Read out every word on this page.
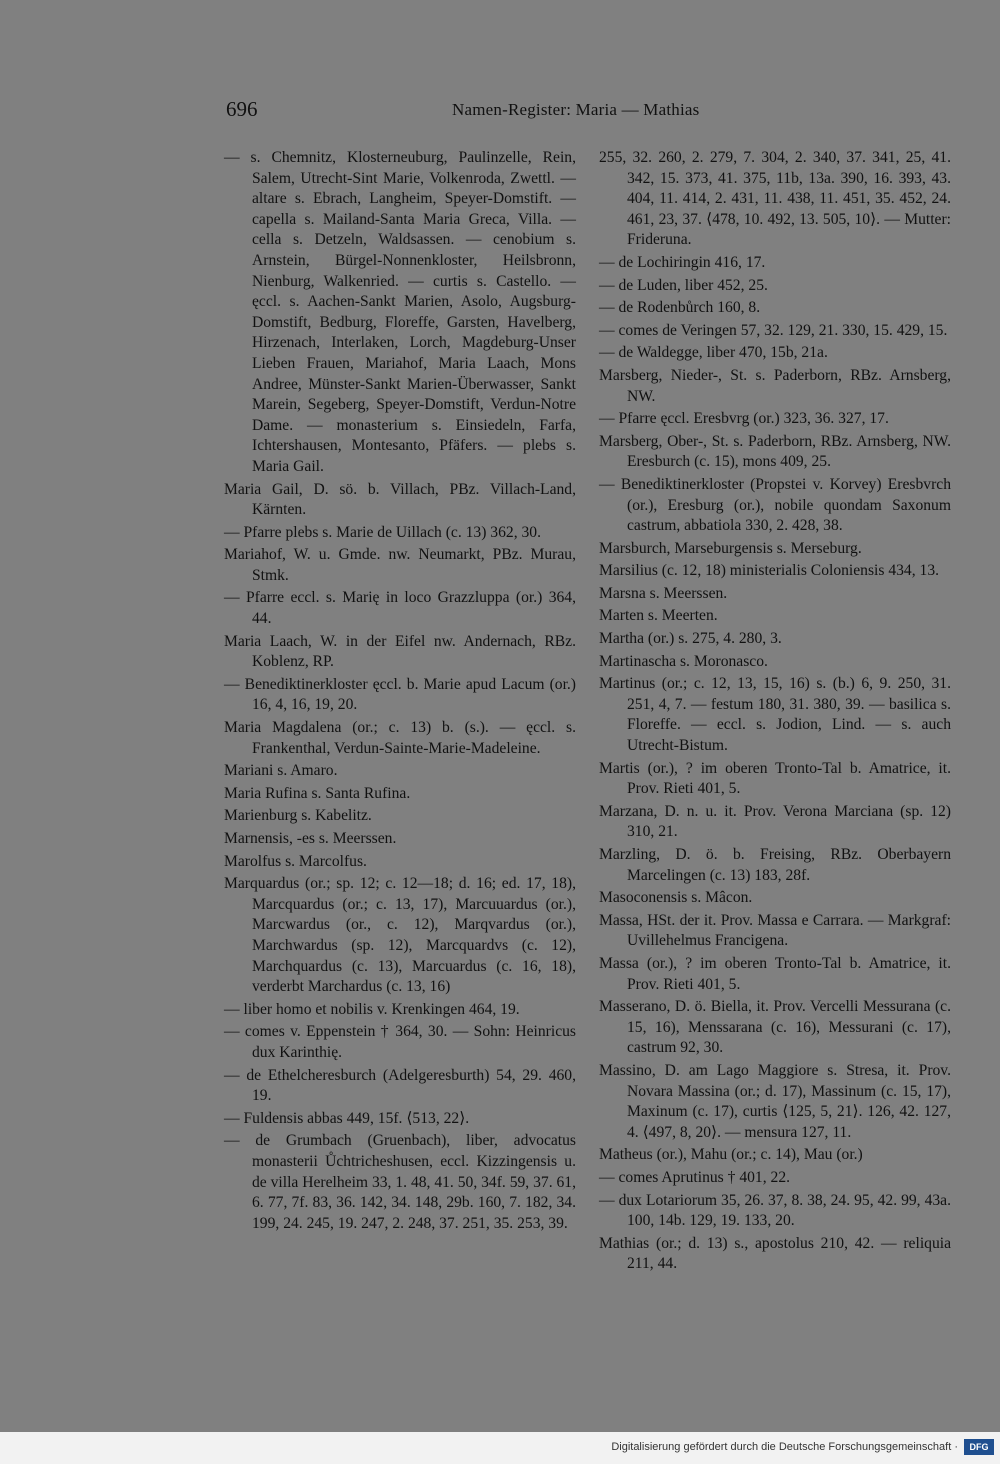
696	Namen-Register: Maria — Mathias

— s. Chemnitz, Klosterneuburg, Paulinzelle, Rein, Salem, Utrecht-Sint Marie, Volkenroda, Zwettl. — altare s. Ebrach, Langheim, Speyer-Domstift. — capella s. Mailand-Santa Maria Greca, Villa. — cella s. Detzeln, Waldsassen. — cenobium s. Arnstein, Bürgel-Nonnenkloster, Heilsbronn, Nienburg, Walkenried. — curtis s. Castello. — ęccl. s. Aachen-Sankt Marien, Asolo, Augsburg-Domstift, Bedburg, Floreffe, Garsten, Havelberg, Hirzenach, Interlaken, Lorch, Magdeburg-Unser Lieben Frauen, Mariahof, Maria Laach, Mons Andree, Münster-Sankt Marien-Überwasser, Sankt Marein, Segeberg, Speyer-Domstift, Verdun-Notre Dame. — monasterium s. Einsiedeln, Farfa, Ichtershausen, Montesanto, Pfäfers. — plebs s. Maria Gail.

Maria Gail, D. sö. b. Villach, PBz. Villach-Land, Kärnten.

— Pfarre plebs s. Marie de Uillach (c. 13) 362, 30.

Mariahof, W. u. Gmde. nw. Neumarkt, PBz. Murau, Stmk.

— Pfarre eccl. s. Marię in loco Grazzluppa (or.) 364, 44.

Maria Laach, W. in der Eifel nw. Andernach, RBz. Koblenz, RP.

— Benediktinerkloster ęccl. b. Marie apud Lacum (or.) 16, 4, 16, 19, 20.

Maria Magdalena (or.; c. 13) b. (s.). — ęccl. s. Frankenthal, Verdun-Sainte-Marie-Madeleine.

Mariani s. Amaro.

Maria Rufina s. Santa Rufina.

Marienburg s. Kabelitz.

Marnensis, -es s. Meerssen.

Marolfus s. Marcolfus.

Marquardus (or.; sp. 12; c. 12—18; d. 16; ed. 17, 18), Marcquardus (or.; c. 13, 17), Marcuuardus (or.), Marcwardus (or., c. 12), Marqvardus (or.), Marchwardus (sp. 12), Marcquardvs (c. 12), Marchquardus (c. 13), Marcuardus (c. 16, 18), verderbt Marchardus (c. 13, 16)

— liber homo et nobilis v. Krenkingen 464, 19.

— comes v. Eppenstein † 364, 30. — Sohn: Heinricus dux Karinthię.

— de Ethelcheresburch (Adelgeresburth) 54, 29. 460, 19.

— Fuldensis abbas 449, 15f. ⟨513, 22⟩.

— de Grumbach (Gruenbach), liber, advocatus monasterii Ůchtricheshusen, eccl. Kizzingensis u. de villa Herelheim 33, 1. 48, 41. 50, 34f. 59, 37. 61, 6. 77, 7f. 83, 36. 142, 34. 148, 29b. 160, 7. 182, 34. 199, 24. 245, 19. 247, 2. 248, 37. 251, 35. 253, 39.

255, 32. 260, 2. 279, 7. 304, 2. 340, 37. 341, 25, 41. 342, 15. 373, 41. 375, 11b, 13a. 390, 16. 393, 43. 404, 11. 414, 2. 431, 11. 438, 11. 451, 35. 452, 24. 461, 23, 37. ⟨478, 10. 492, 13. 505, 10⟩. — Mutter: Frideruna.

— de Lochiringin 416, 17.

— de Luden, liber 452, 25.

— de Rodenbůrch 160, 8.

— comes de Veringen 57, 32. 129, 21. 330, 15. 429, 15.

— de Waldegge, liber 470, 15b, 21a.

Marsberg, Nieder-, St. s. Paderborn, RBz. Arnsberg, NW.

— Pfarre ęccl. Eresbvrg (or.) 323, 36. 327, 17.

Marsberg, Ober-, St. s. Paderborn, RBz. Arnsberg, NW. Eresburch (c. 15), mons 409, 25.

— Benediktinerkloster (Propstei v. Korvey) Eresbvrch (or.), Eresburg (or.), nobile quondam Saxonum castrum, abbatiola 330, 2. 428, 38.

Marsburch, Marseburgensis s. Merseburg.

Marsilius (c. 12, 18) ministerialis Coloniensis 434, 13.

Marsna s. Meerssen.

Marten s. Meerten.

Martha (or.) s. 275, 4. 280, 3.

Martinascha s. Moronasco.

Martinus (or.; c. 12, 13, 15, 16) s. (b.) 6, 9. 250, 31. 251, 4, 7. — festum 180, 31. 380, 39. — basilica s. Floreffe. — eccl. s. Jodion, Lind. — s. auch Utrecht-Bistum.

Martis (or.), ? im oberen Tronto-Tal b. Amatrice, it. Prov. Rieti 401, 5.

Marzana, D. n. u. it. Prov. Verona Marciana (sp. 12) 310, 21.

Marzling, D. ö. b. Freising, RBz. Oberbayern Marcelingen (c. 13) 183, 28f.

Masoconensis s. Mâcon.

Massa, HSt. der it. Prov. Massa e Carrara. — Markgraf: Uvillehelmus Francigena.

Massa (or.), ? im oberen Tronto-Tal b. Amatrice, it. Prov. Rieti 401, 5.

Masserano, D. ö. Biella, it. Prov. Vercelli Messurana (c. 15, 16), Menssarana (c. 16), Messurani (c. 17), castrum 92, 30.

Massino, D. am Lago Maggiore s. Stresa, it. Prov. Novara Massina (or.; d. 17), Massinum (c. 15, 17), Maxinum (c. 17), curtis ⟨125, 5, 21⟩. 126, 42. 127, 4. ⟨497, 8, 20⟩. — mensura 127, 11.

Matheus (or.), Mahu (or.; c. 14), Mau (or.)

— comes Aprutinus † 401, 22.

— dux Lotariorum 35, 26. 37, 8. 38, 24. 95, 42. 99, 43a. 100, 14b. 129, 19. 133, 20.

Mathias (or.; d. 13) s., apostolus 210, 42. — reliquia 211, 44.

Digitalisierung gefördert durch die Deutsche Forschungsgemeinschaft ·	DFG
